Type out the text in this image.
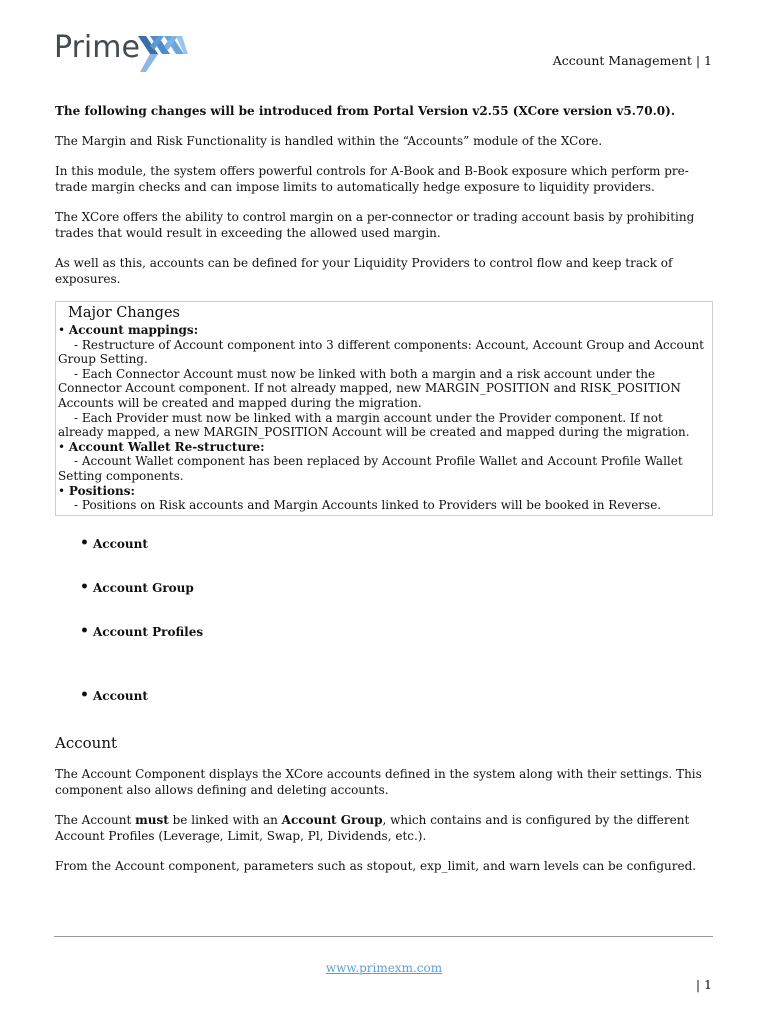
Prime	Account Management | 1

The following changes will be introduced from Portal Version v2.55 (XCore version v5.70.0).

The Margin and Risk Functionality is handled within the “Accounts” module of the XCore.

In this module, the system offers powerful controls for A-Book and B-Book exposure which perform pre-trade margin checks and can impose limits to automatically hedge exposure to liquidity providers.

The XCore offers the ability to control margin on a per-connector or trading account basis by prohibiting trades that would result in exceeding the allowed used margin.

As well as this, accounts can be defined for your Liquidity Providers to control flow and keep track of exposures.

Major Changes
• Account mappings:
- Restructure of Account component into 3 different components: Account, Account Group and Account Group Setting.
- Each Connector Account must now be linked with both a margin and a risk account under the Connector Account component. If not already mapped, new MARGIN_POSITION and RISK_POSITION Accounts will be created and mapped during the migration.
- Each Provider must now be linked with a margin account under the Provider component. If not already mapped, a new MARGIN_POSITION Account will be created and mapped during the migration.
• Account Wallet Re-structure:
- Account Wallet component has been replaced by Account Profile Wallet and Account Profile Wallet Setting components.
• Positions:
- Positions on Risk accounts and Margin Accounts linked to Providers will be booked in Reverse.
• Account
• Account Group
• Account Profiles
• Account
Account

The Account Component displays the XCore accounts defined in the system along with their settings. This component also allows defining and deleting accounts.

The Account must be linked with an Account Group, which contains and is configured by the different Account Profiles (Leverage, Limit, Swap, Pl, Dividends, etc.).

From the Account component, parameters such as stopout, exp_limit, and warn levels can be configured.

www.primexm.com
| 1
